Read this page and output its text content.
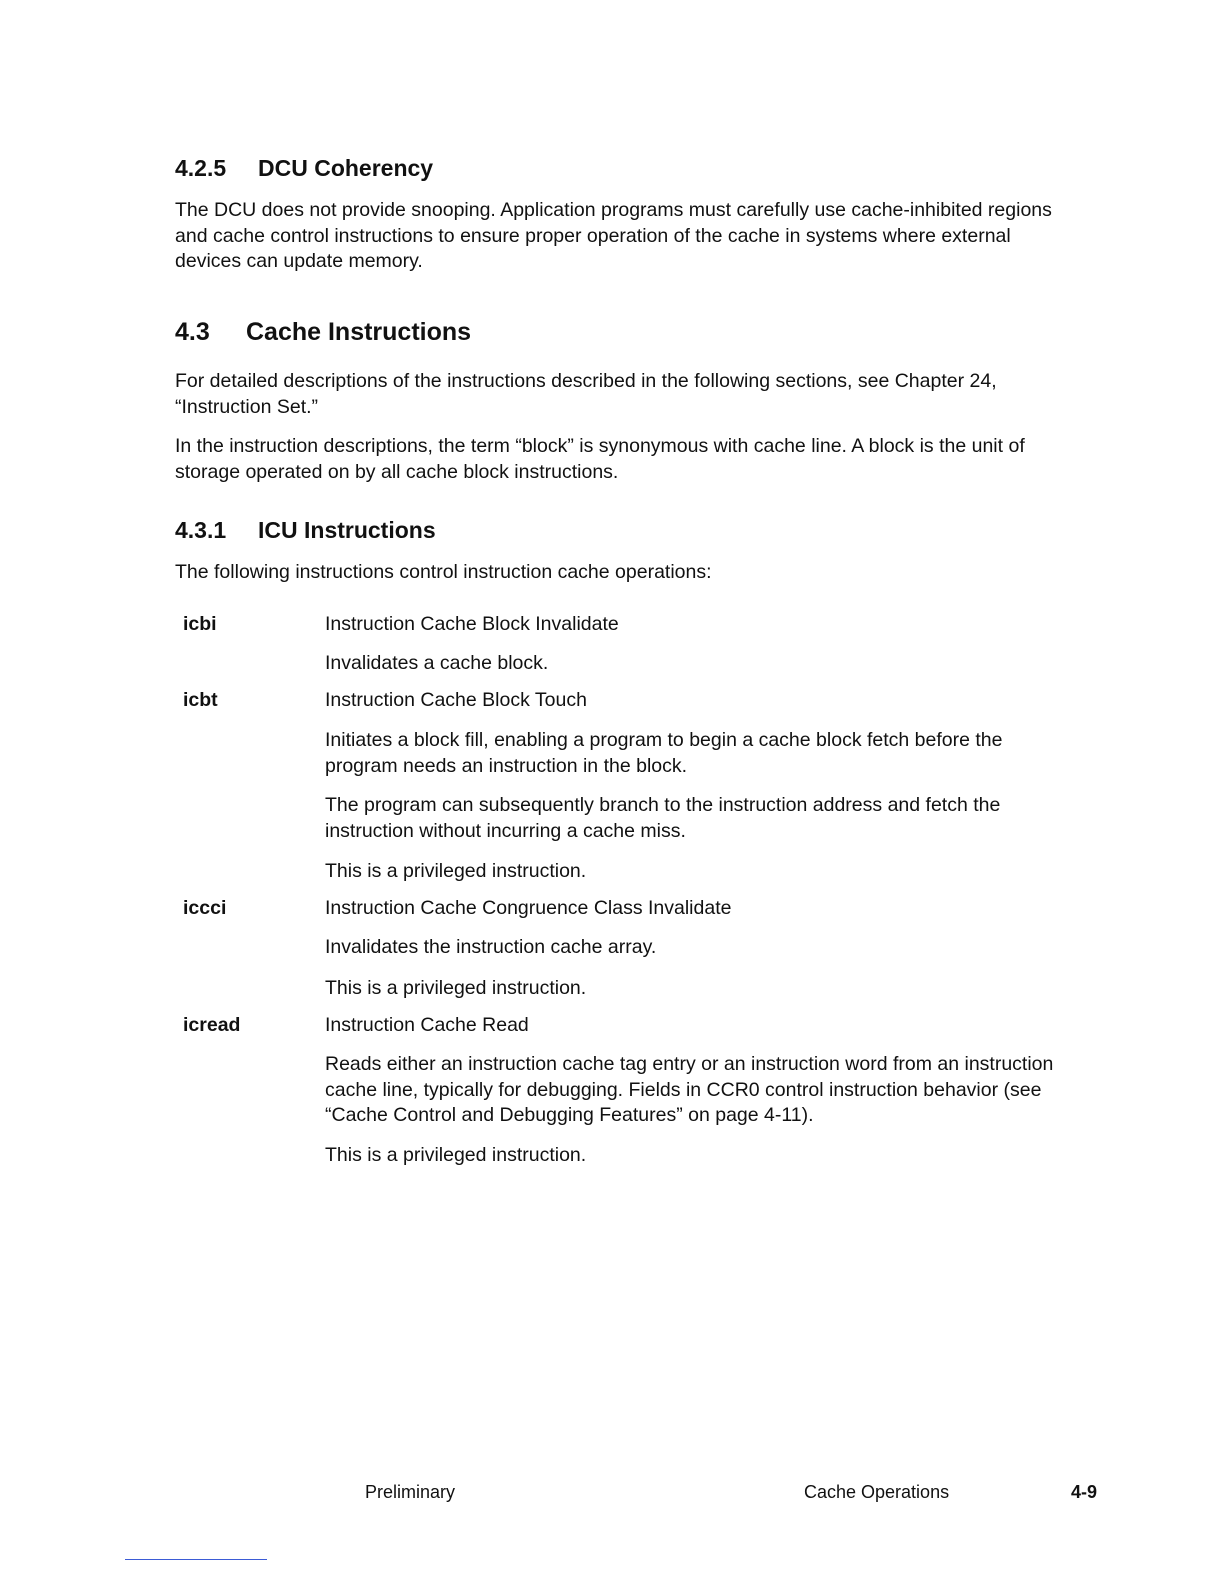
4.2.5 DCU Coherency
The DCU does not provide snooping. Application programs must carefully use cache-inhibited regions and cache control instructions to ensure proper operation of the cache in systems where external devices can update memory.
4.3 Cache Instructions
For detailed descriptions of the instructions described in the following sections, see Chapter 24, “Instruction Set.”
In the instruction descriptions, the term “block” is synonymous with cache line. A block is the unit of storage operated on by all cache block instructions.
4.3.1 ICU Instructions
The following instructions control instruction cache operations:
icbi	Instruction Cache Block Invalidate
Invalidates a cache block.
icbt	Instruction Cache Block Touch
Initiates a block fill, enabling a program to begin a cache block fetch before the program needs an instruction in the block.
The program can subsequently branch to the instruction address and fetch the instruction without incurring a cache miss.
This is a privileged instruction.
iccci	Instruction Cache Congruence Class Invalidate
Invalidates the instruction cache array.
This is a privileged instruction.
icread	Instruction Cache Read
Reads either an instruction cache tag entry or an instruction word from an instruction cache line, typically for debugging. Fields in CCR0 control instruction behavior (see “Cache Control and Debugging Features” on page 4-11).
This is a privileged instruction.
Preliminary	Cache Operations	4-9
